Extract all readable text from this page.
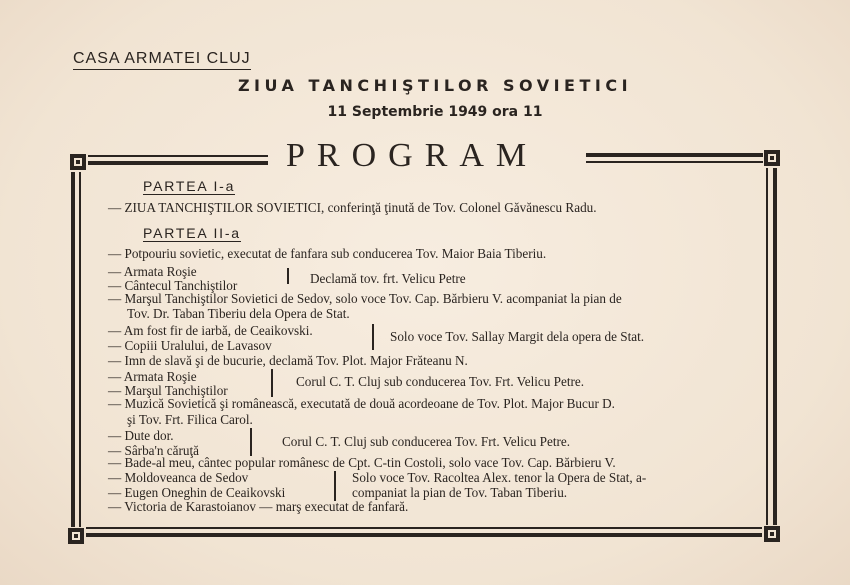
CASA ARMATEI CLUJ
ZIUA TANCHIŞTILOR SOVIETICI
11 Septembrie 1949 ora 11
PROGRAM
PARTEA I-a
— ZIUA TANCHIŞTILOR SOVIETICI, conferinţă ţinută de Tov. Colonel Găvănescu Radu.
PARTEA II-a
— Potpouriu sovietic, executat de fanfara sub conducerea Tov. Maior Baia Tiberiu.
— Armata Roşie
— Cântecul Tanchiştilor	Declamă tov. frt. Velicu Petre
— Marşul Tanchiştilor Sovietici de Sedov, solo voce Tov. Cap. Bărbieru V. acompaniat la pian de
Tov. Dr. Taban Tiberiu dela Opera de Stat.
— Am fost fir de iarbă, de Ceaikovski.
— Copiii Uralului, de Lavasov
Solo voce Tov. Sallay Margit dela opera de Stat.
— Imn de slavă şi de bucurie, declamă Tov. Plot. Major Frăteanu N.
— Armata Roşie
— Marşul Tanchiştilor
Corul C. T. Cluj sub conducerea Tov. Frt. Velicu Petre.
— Muzică Sovietică şi românească, executată de două acordeoane de Tov. Plot. Major Bucur D.
şi Tov. Frt. Filica Carol.
— Dute dor.
— Sârba'n căruţă
Corul C. T. Cluj sub conducerea Tov. Frt. Velicu Petre.
— Bade-al meu, cântec popular românesc de Cpt. C-tin Costoli, solo vace Tov. Cap. Bărbieru V.
— Moldoveanca de Sedov
— Eugen Oneghin de Ceaikovski
Solo voce Tov. Racoltea Alex. tenor la Opera de Stat, a-
companiat la pian de Tov. Taban Tiberiu.
— Victoria de Karastoianov — marş executat de fanfară.
